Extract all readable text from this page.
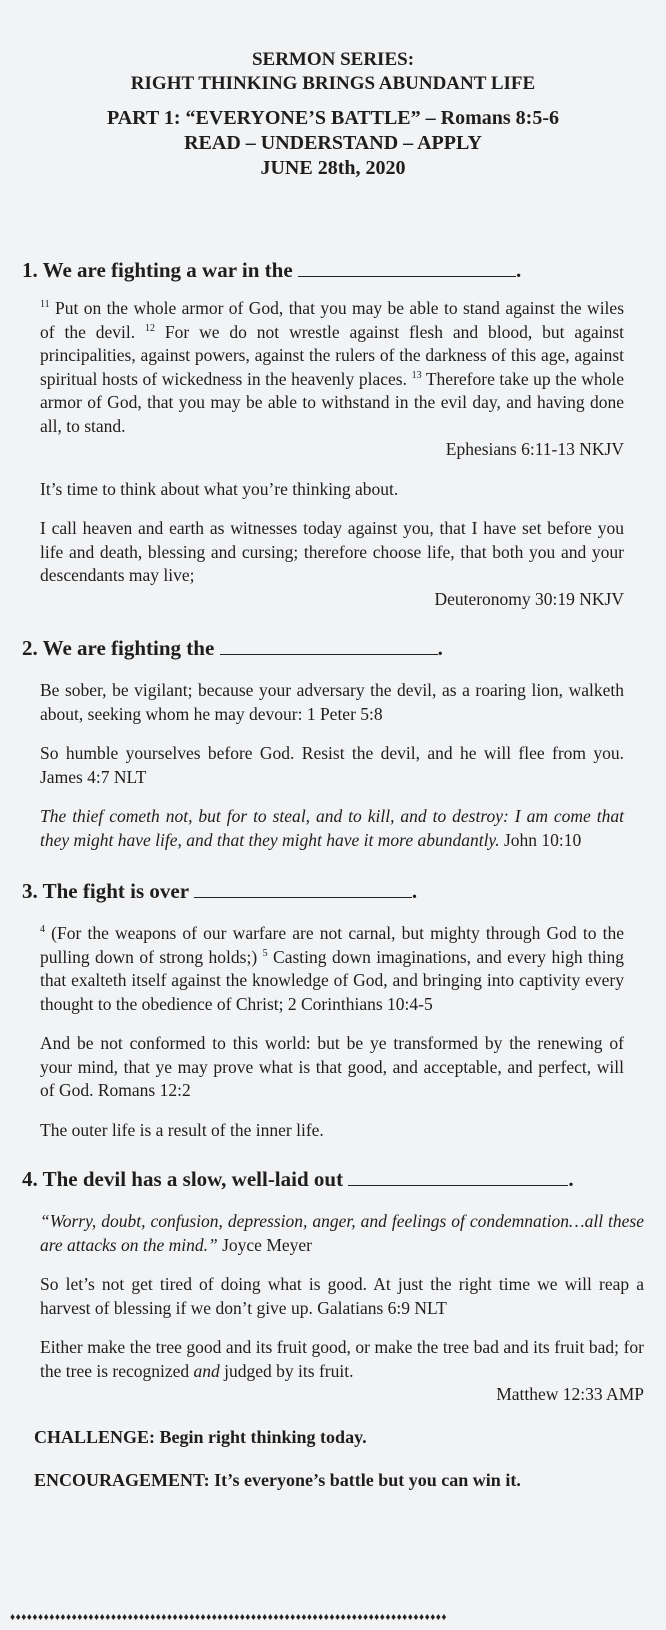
SERMON SERIES:
RIGHT THINKING BRINGS ABUNDANT LIFE
PART 1: “EVERYONE’S BATTLE” – Romans 8:5-6
READ – UNDERSTAND – APPLY
JUNE 28th, 2020

1. We are fighting a war in the	.

$^{11}$ Put on the whole armor of God, that you may be able to stand against the wiles of the devil. $^{12}$ For we do not wrestle against flesh and blood, but against principalities, against powers, against the rulers of the darkness of this age, against spiritual hosts of wickedness in the heavenly places. $^{13}$ Therefore take up the whole armor of God, that you may be able to withstand in the evil day, and having done all, to stand.

Ephesians 6:11-13 NKJV

It’s time to think about what you’re thinking about.

I call heaven and earth as witnesses today against you, that I have set before you life and death, blessing and cursing; therefore choose life, that both you and your descendants may live;

Deuteronomy 30:19 NKJV

2. We are fighting the	.

Be sober, be vigilant; because your adversary the devil, as a roaring lion, walketh about, seeking whom he may devour: 1 Peter 5:8

So humble yourselves before God. Resist the devil, and he will flee from you. James 4:7 NLT

The thief cometh not, but for to steal, and to kill, and to destroy: I am come that they might have life, and that they might have it more abundantly. John 10:10

3. The fight is over	.

$^4$ (For the weapons of our warfare are not carnal, but mighty through God to the pulling down of strong holds;) $^5$ Casting down imaginations, and every high thing that exalteth itself against the knowledge of God, and bringing into captivity every thought to the obedience of Christ; 2 Corinthians 10:4-5

And be not conformed to this world: but be ye transformed by the renewing of your mind, that ye may prove what is that good, and acceptable, and perfect, will of God. Romans 12:2

The outer life is a result of the inner life.

4. The devil has a slow, well-laid out	.

“Worry, doubt, confusion, depression, anger, and feelings of condemnation…all these are attacks on the mind.” Joyce Meyer

So let’s not get tired of doing what is good. At just the right time we will reap a harvest of blessing if we don’t give up. Galatians 6:9 NLT

Either make the tree good and its fruit good, or make the tree bad and its fruit bad; for the tree is recognized and judged by its fruit.

Matthew 12:33 AMP

CHALLENGE: Begin right thinking today.
ENCOURAGEMENT: It’s everyone’s battle but you can win it.
♦♦♦♦♦♦♦♦♦♦♦♦♦♦♦♦♦♦♦♦♦♦♦♦♦♦♦♦♦♦♦♦♦♦♦♦♦♦♦♦♦♦♦♦♦♦♦♦♦♦♦♦♦♦♦♦♦♦♦♦♦♦♦♦♦♦♦♦♦♦♦♦♦♦♦♦♦♦
